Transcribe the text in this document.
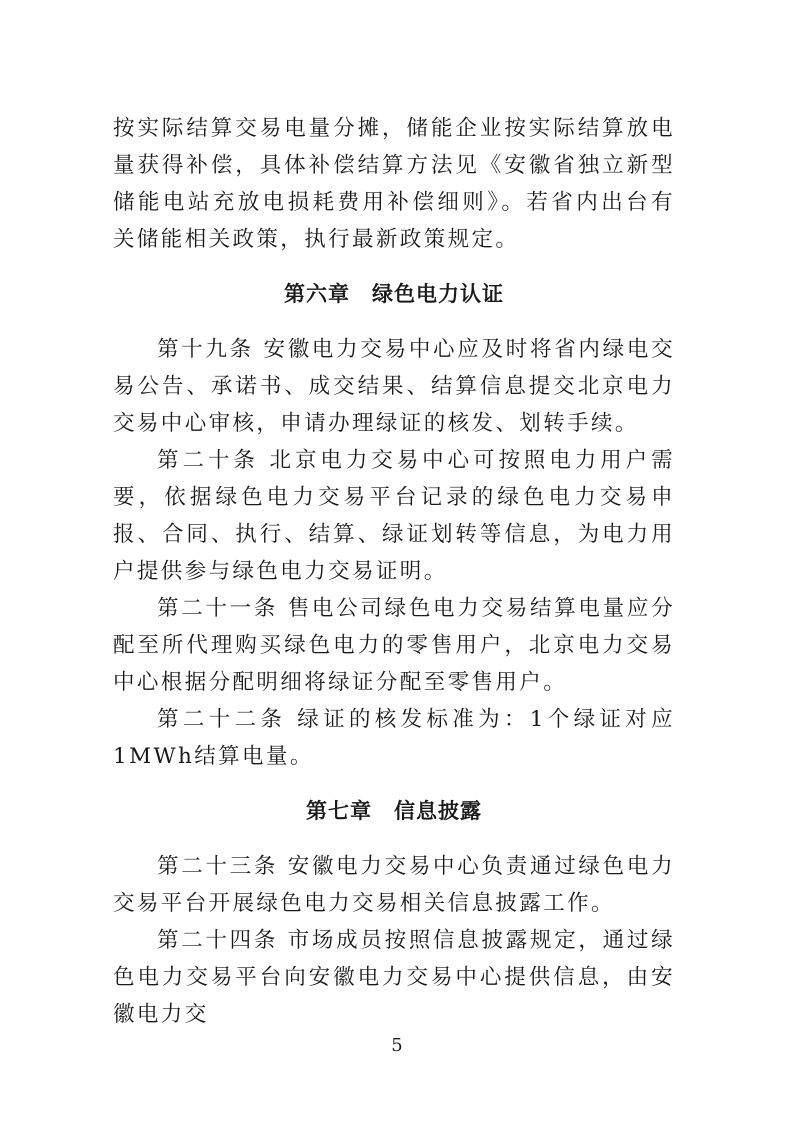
按实际结算交易电量分摊，储能企业按实际结算放电量获得补偿，具体补偿结算方法见《安徽省独立新型储能电站充放电损耗费用补偿细则》。若省内出台有关储能相关政策，执行最新政策规定。

第六章　绿色电力认证

第十九条 安徽电力交易中心应及时将省内绿电交易公告、承诺书、成交结果、结算信息提交北京电力交易中心审核，申请办理绿证的核发、划转手续。

第二十条 北京电力交易中心可按照电力用户需要，依据绿色电力交易平台记录的绿色电力交易申报、合同、执行、结算、绿证划转等信息，为电力用户提供参与绿色电力交易证明。

第二十一条 售电公司绿色电力交易结算电量应分配至所代理购买绿色电力的零售用户，北京电力交易中心根据分配明细将绿证分配至零售用户。

第二十二条 绿证的核发标准为：1个绿证对应1MWh结算电量。

第七章　信息披露

第二十三条 安徽电力交易中心负责通过绿色电力交易平台开展绿色电力交易相关信息披露工作。

第二十四条 市场成员按照信息披露规定，通过绿色电力交易平台向安徽电力交易中心提供信息，由安徽电力交

5
